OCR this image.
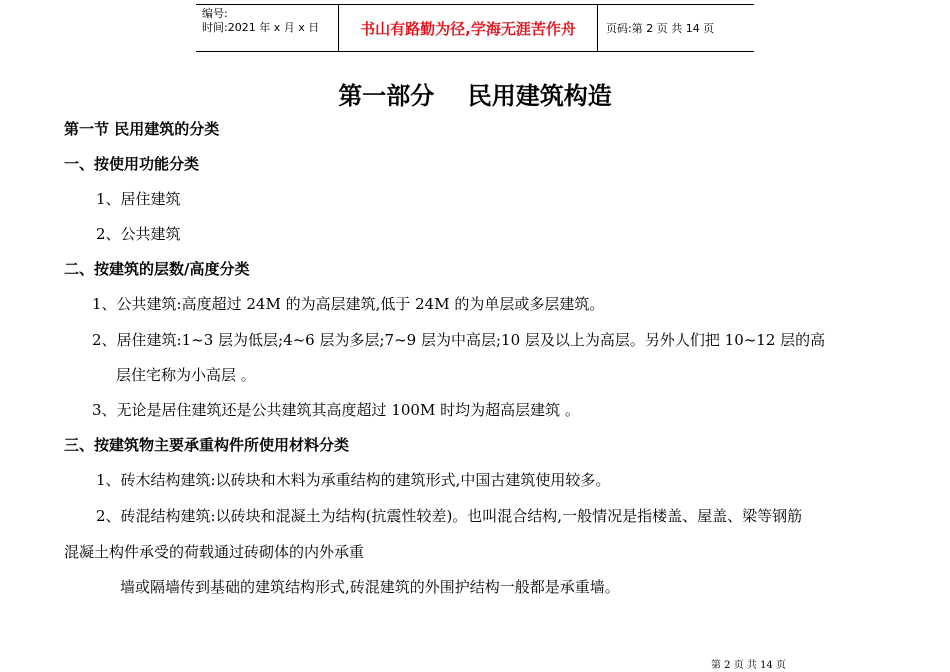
编号:
时间:2021 年 x 月 x 日	书山有路勤为径,学海无涯苦作舟	页码:第 2 页 共 14 页
第一部分    民用建筑构造
第一节 民用建筑的分类
一、按使用功能分类
1、居住建筑
2、公共建筑
二、按建筑的层数/高度分类
1、公共建筑:高度超过 24M 的为高层建筑,低于 24M 的为单层或多层建筑。
2、居住建筑:1~3 层为低层;4~6 层为多层;7~9 层为中高层;10 层及以上为高层。另外人们把 10~12 层的高
层住宅称为小高层 。
3、无论是居住建筑还是公共建筑其高度超过 100M 时均为超高层建筑 。
三、按建筑物主要承重构件所使用材料分类
1、砖木结构建筑:以砖块和木料为承重结构的建筑形式,中国古建筑使用较多。
2、砖混结构建筑:以砖块和混凝土为结构(抗震性较差)。也叫混合结构,一般情况是指楼盖、屋盖、梁等钢筋
混凝土构件承受的荷载通过砖砌体的内外承重
墙或隔墙传到基础的建筑结构形式,砖混建筑的外围护结构一般都是承重墙。
第 2 页 共 14 页
